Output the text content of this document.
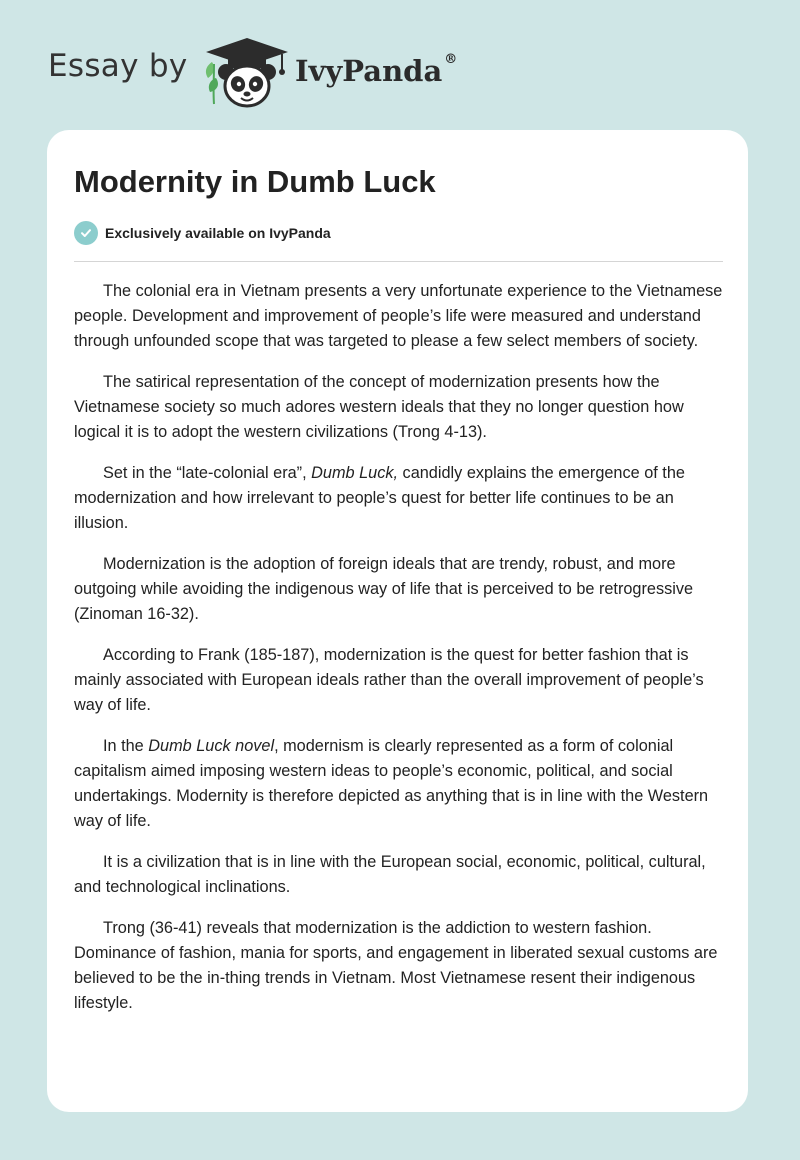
Essay by	IvyPanda ®
Modernity in Dumb Luck
Exclusively available on IvyPanda

The colonial era in Vietnam presents a very unfortunate experience to the Vietnamese people. Development and improvement of people’s life were measured and understand through unfounded scope that was targeted to please a few select members of society.

The satirical representation of the concept of modernization presents how the Vietnamese society so much adores western ideals that they no longer question how logical it is to adopt the western civilizations (Trong 4-13).

Set in the “late-colonial era”, Dumb Luck, candidly explains the emergence of the modernization and how irrelevant to people’s quest for better life continues to be an illusion.

Modernization is the adoption of foreign ideals that are trendy, robust, and more outgoing while avoiding the indigenous way of life that is perceived to be retrogressive (Zinoman 16-32).

According to Frank (185-187), modernization is the quest for better fashion that is mainly associated with European ideals rather than the overall improvement of people’s way of life.

In the Dumb Luck novel, modernism is clearly represented as a form of colonial capitalism aimed imposing western ideas to people’s economic, political, and social undertakings. Modernity is therefore depicted as anything that is in line with the Western way of life.

It is a civilization that is in line with the European social, economic, political, cultural, and technological inclinations.

Trong (36-41) reveals that modernization is the addiction to western fashion. Dominance of fashion, mania for sports, and engagement in liberated sexual customs are believed to be the in-thing trends in Vietnam. Most Vietnamese resent their indigenous lifestyle.
